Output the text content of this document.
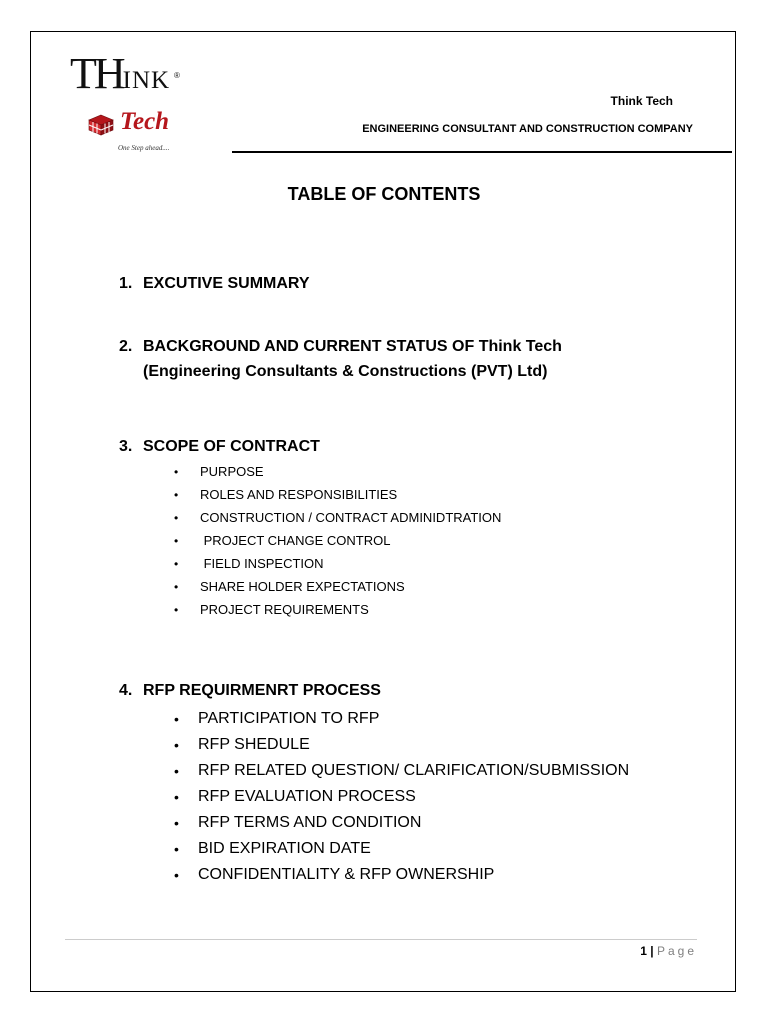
THINK ®
Tech
One Step ahead....
Think Tech
ENGINEERING CONSULTANT AND CONSTRUCTION COMPANY
TABLE OF CONTENTS
1. EXCUTIVE SUMMARY
2. BACKGROUND AND CURRENT STATUS OF Think Tech
(Engineering Consultants & Constructions (PVT) Ltd)
3. SCOPE OF CONTRACT
•	PURPOSE
•	ROLES AND RESPONSIBILITIES
•	CONSTRUCTION / CONTRACT ADMINIDTRATION
•	PROJECT CHANGE CONTROL
•	FIELD INSPECTION
•	SHARE HOLDER EXPECTATIONS
•	PROJECT REQUIREMENTS
4. RFP REQUIRMENRT PROCESS
•	PARTICIPATION TO RFP
•	RFP SHEDULE
•	RFP RELATED QUESTION/ CLARIFICATION/SUBMISSION
•	RFP EVALUATION PROCESS
•	RFP TERMS AND CONDITION
•	BID EXPIRATION DATE
•	CONFIDENTIALITY & RFP OWNERSHIP
1 | Page
